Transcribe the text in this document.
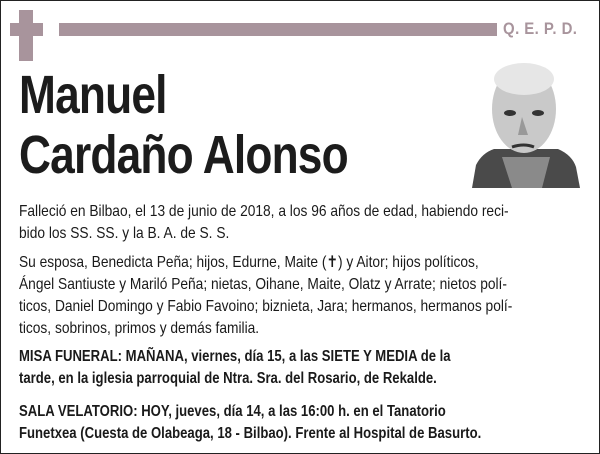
Q. E. P. D.
Manuel
Cardaño Alonso
Falleció en Bilbao, el 13 de junio de 2018, a los 96 años de edad, habiendo reci-
bido los SS. SS. y la B. A. de S. S.
Su esposa, Benedicta Peña; hijos, Edurne, Maite (✝) y Aitor; hijos políticos,
Ángel Santiuste y Mariló Peña; nietas, Oihane, Maite, Olatz y Arrate; nietos polí-
ticos, Daniel Domingo y Fabio Favoino; biznieta, Jara; hermanos, hermanos polí-
ticos, sobrinos, primos y demás familia.
MISA FUNERAL: MAÑANA, viernes, día 15, a las SIETE Y MEDIA de la
tarde, en la iglesia parroquial de Ntra. Sra. del Rosario, de Rekalde.
SALA VELATORIO: HOY, jueves, día 14, a las 16:00 h. en el Tanatorio
Funetxea (Cuesta de Olabeaga, 18 - Bilbao). Frente al Hospital de Basurto.
